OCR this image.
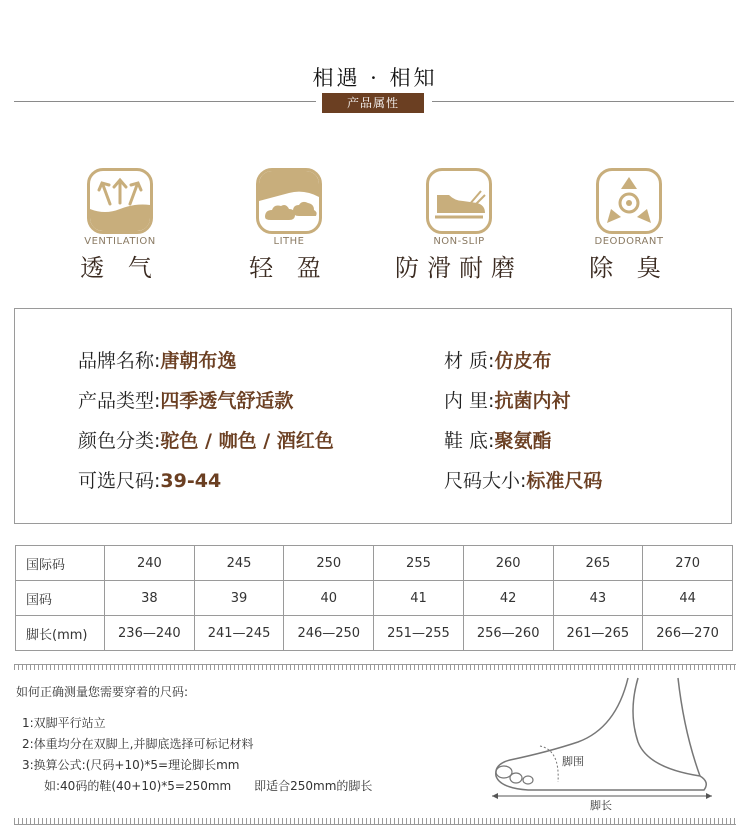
相遇 · 相知
产品属性
VENTILATION
透 气
LITHE
轻 盈
NON-SLIP
防滑耐磨
DEODORANT
除 臭
品牌名称:唐朝布逸
产品类型:四季透气舒适款
颜色分类:驼色 / 咖色 / 酒红色
可选尺码:39-44
材 质:仿皮布
内 里:抗菌内衬
鞋 底:聚氨酯
尺码大小:标准尺码
国际码	240	245	250	255	260	265	270
国码	38	39	40	41	42	43	44
脚长(mm)	236—240	241—245	246—250	251—255	256—260	261—265	266—270
如何正确测量您需要穿着的尺码:
1:双脚平行站立
2:体重均分在双脚上,并脚底选择可标记材料
3:换算公式:(尺码+10)*5=理论脚长mm
如:40码的鞋(40+10)*5=250mm      即适合250mm的脚长
脚围
脚长
